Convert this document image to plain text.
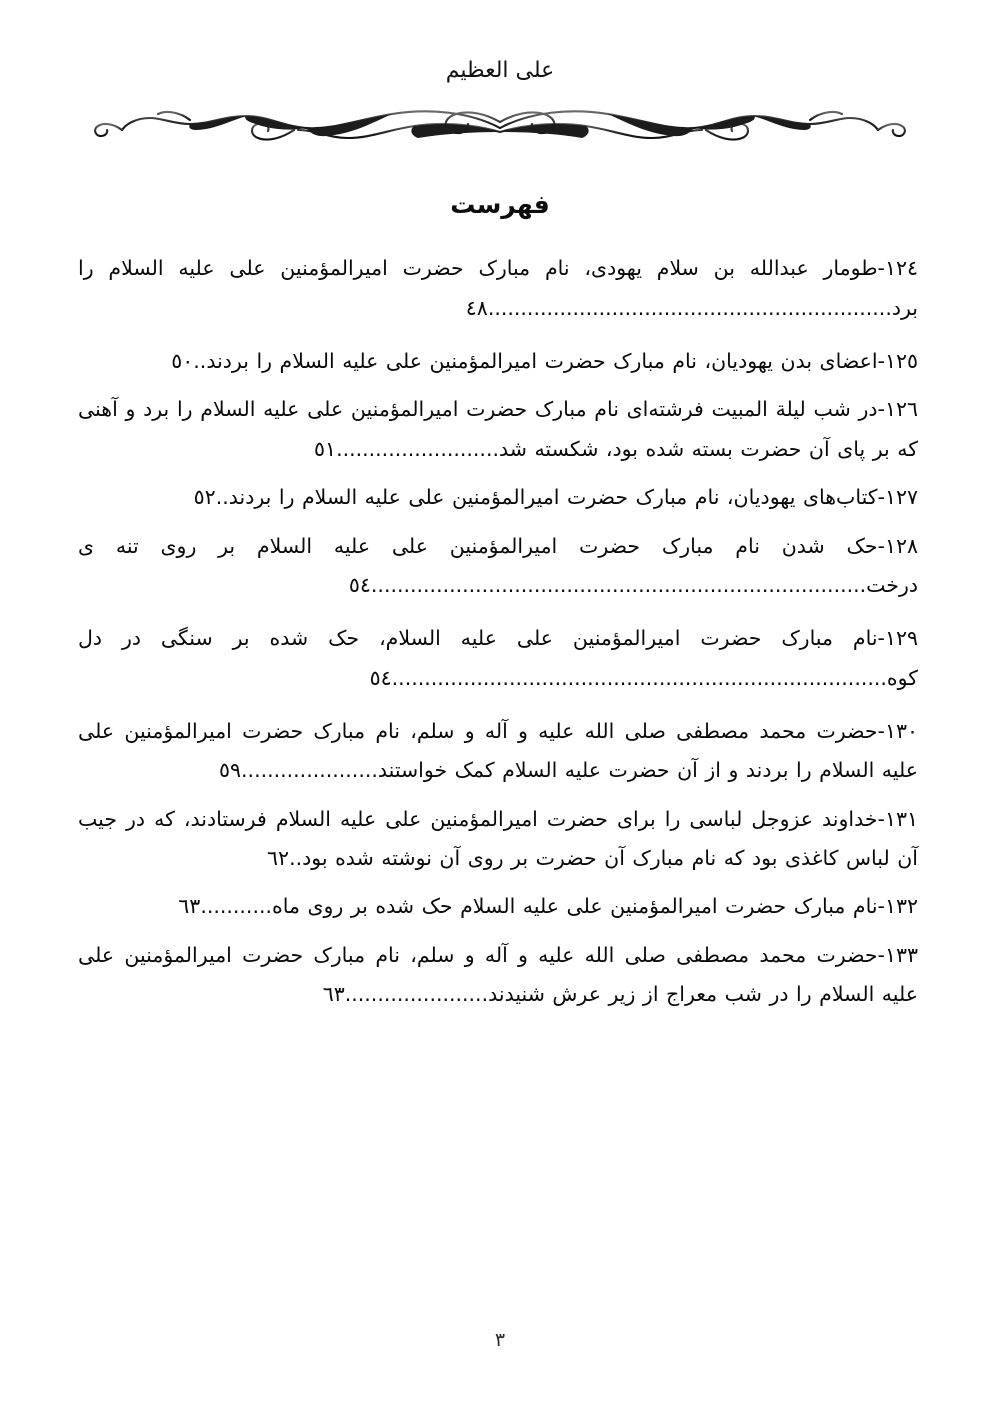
علی العظیم
فهرست
١٢٤-طومار عبدالله بن سلام یهودی، نام مبارک حضرت امیرالمؤمنین علی علیه السلام را برد..............................................................٤٨
١٢٥-اعضای بدن یهودیان، نام مبارک حضرت امیرالمؤمنین علی علیه السلام را بردند..٥٠
١٢٦-در شب لیلة المبیت فرشته‌ای نام مبارک حضرت امیرالمؤمنین علی علیه السلام را برد و آهنی که بر پای آن حضرت بسته شده بود، شکسته شد.........................٥١
١٢٧-کتاب‌های یهودیان، نام مبارک حضرت امیرالمؤمنین علی علیه السلام را بردند..٥٢
١٢٨-حک شدن نام مبارک حضرت امیرالمؤمنین علی علیه السلام بر روی تنه ی درخت............................................................................٥٤
١٢٩-نام مبارک حضرت امیرالمؤمنین علی علیه السلام، حک شده بر سنگی در دل کوه............................................................................٥٤
١٣٠-حضرت محمد مصطفی صلی الله علیه و آله و سلم، نام مبارک حضرت امیرالمؤمنین علی علیه السلام را بردند و از آن حضرت علیه السلام کمک خواستند.....................٥٩
١٣١-خداوند عزوجل لباسی را برای حضرت امیرالمؤمنین علی علیه السلام فرستادند، که در جیب آن لباس کاغذی بود که نام مبارک آن حضرت بر روی آن نوشته شده بود..٦٢
١٣٢-نام مبارک حضرت امیرالمؤمنین علی علیه السلام حک شده بر روی ماه...........٦٣
١٣٣-حضرت محمد مصطفی صلی الله علیه و آله و سلم، نام مبارک حضرت امیرالمؤمنین علی علیه السلام را در شب معراج از زیر عرش شنیدند......................٦٣
۳
